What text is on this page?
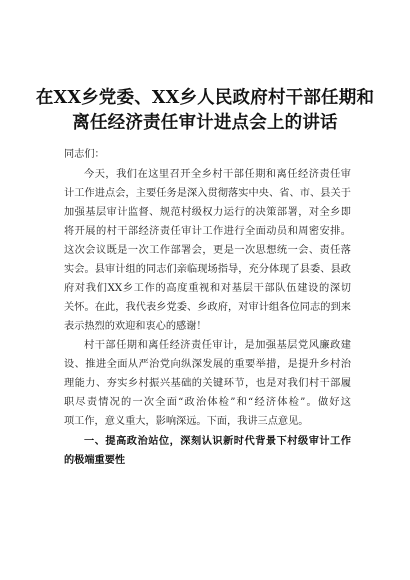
在XX乡党委、XX乡人民政府村干部任期和
离任经济责任审计进点会上的讲话
同志们：
今天，我们在这里召开全乡村干部任期和离任经济责任审
计工作进点会，主要任务是深入贯彻落实中央、省、市、县关于
加强基层审计监督、规范村级权力运行的决策部署，对全乡即
将开展的村干部经济责任审计工作进行全面动员和周密安排。
这次会议既是一次工作部署会，更是一次思想统一会、责任落
实会。县审计组的同志们亲临现场指导，充分体现了县委、县政
府对我们XX乡工作的高度重视和对基层干部队伍建设的深切
关怀。在此，我代表乡党委、乡政府，对审计组各位同志的到来
表示热烈的欢迎和衷心的感谢！
村干部任期和离任经济责任审计，是加强基层党风廉政建
设、推进全面从严治党向纵深发展的重要举措，是提升乡村治
理能力、夯实乡村振兴基础的关键环节，也是对我们村干部履
职尽责情况的一次全面“政治体检”和“经济体检”。做好这
项工作，意义重大，影响深远。下面，我讲三点意见。
一、提高政治站位，深刻认识新时代背景下村级审计工作
的极端重要性
